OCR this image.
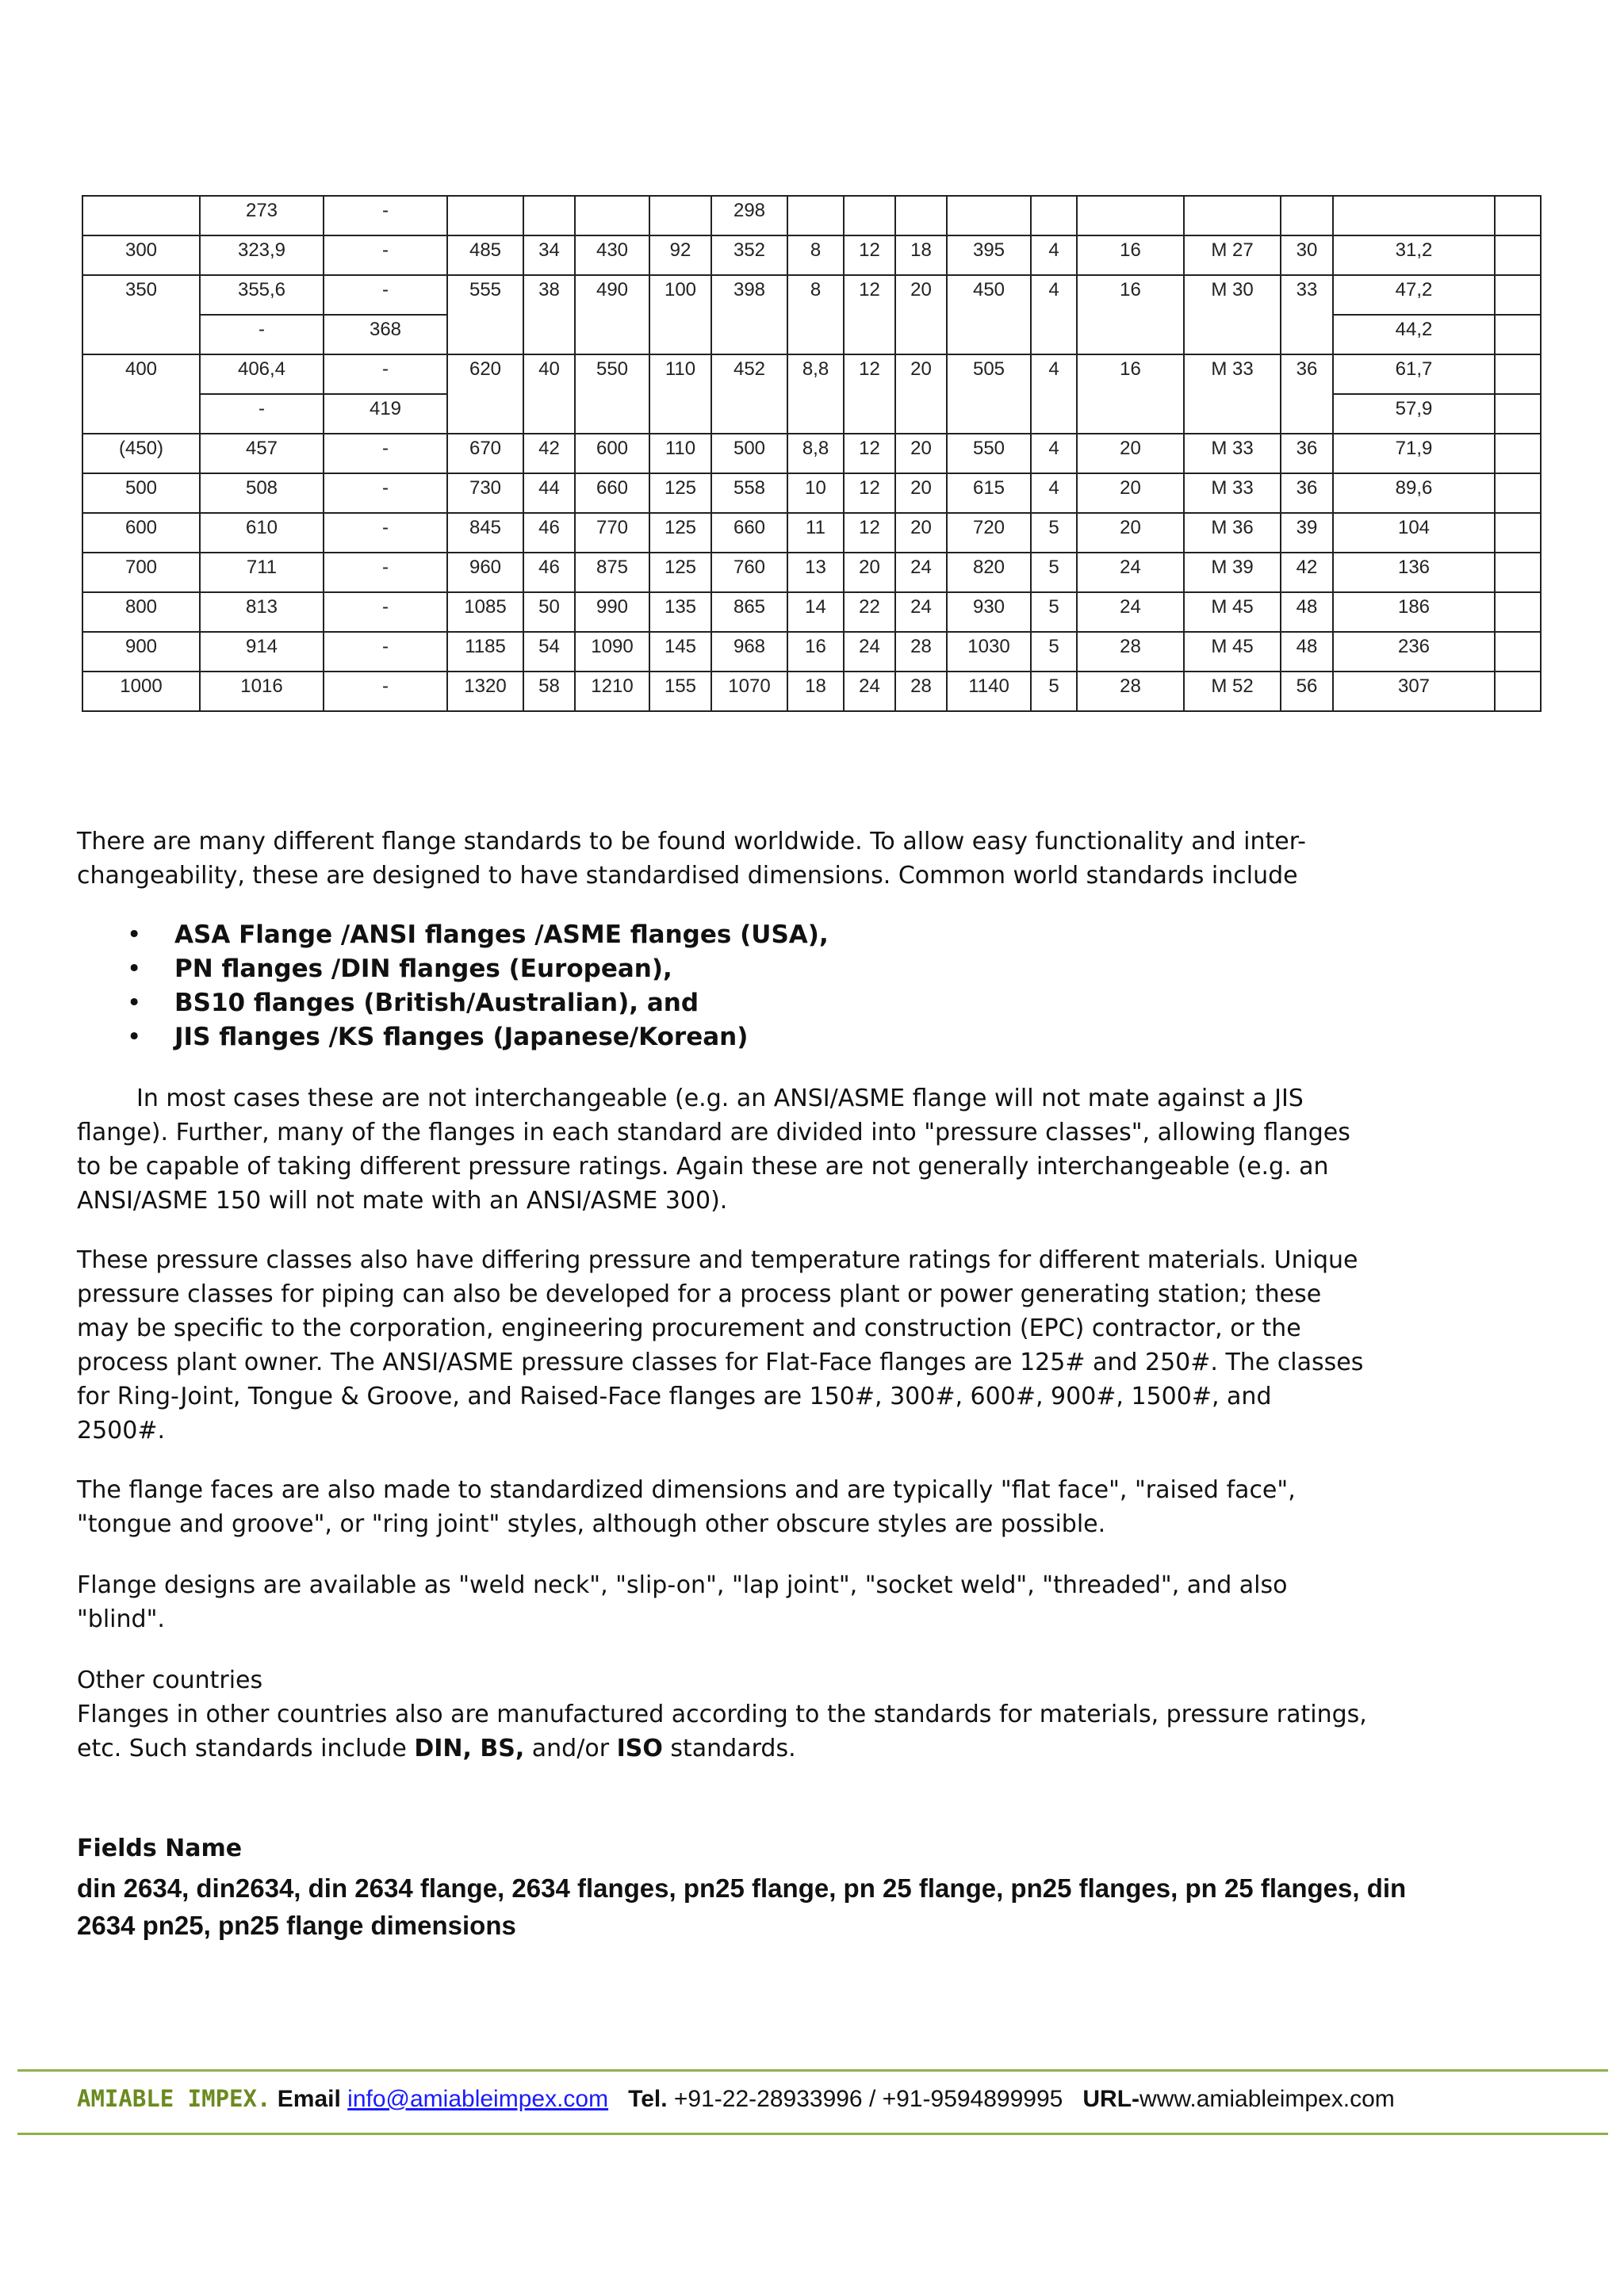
	273	-					298										
300	323,9	-	485	34	430	92	352	8	12	18	395	4	16	M 27	30	31,2	
350	355,6	-	555	38	490	100	398	8	12	20	450	4	16	M 30	33	47,2	
	-	368														44,2	
400	406,4	-	620	40	550	110	452	8,8	12	20	505	4	16	M 33	36	61,7	
	-	419														57,9	
(450)	457	-	670	42	600	110	500	8,8	12	20	550	4	20	M 33	36	71,9	
500	508	-	730	44	660	125	558	10	12	20	615	4	20	M 33	36	89,6	
600	610	-	845	46	770	125	660	11	12	20	720	5	20	M 36	39	104	
700	711	-	960	46	875	125	760	13	20	24	820	5	24	M 39	42	136	
800	813	-	1085	50	990	135	865	14	22	24	930	5	24	M 45	48	186	
900	914	-	1185	54	1090	145	968	16	24	28	1030	5	28	M 45	48	236	
1000	1016	-	1320	58	1210	155	1070	18	24	28	1140	5	28	M 52	56	307	

There are many different flange standards to be found worldwide. To allow easy functionality and inter-

changeability, these are designed to have standardised dimensions. Common world standards include

• ASA Flange /ANSI flanges /ASME flanges (USA),
• PN flanges /DIN flanges (European),
• BS10 flanges (British/Australian), and
• JIS flanges /KS flanges (Japanese/Korean)

In most cases these are not interchangeable (e.g. an ANSI/ASME flange will not mate against a JIS

flange). Further, many of the flanges in each standard are divided into "pressure classes", allowing flanges

to be capable of taking different pressure ratings. Again these are not generally interchangeable (e.g. an

ANSI/ASME 150 will not mate with an ANSI/ASME 300).

These pressure classes also have differing pressure and temperature ratings for different materials. Unique

pressure classes for piping can also be developed for a process plant or power generating station; these

may be specific to the corporation, engineering procurement and construction (EPC) contractor, or the

process plant owner. The ANSI/ASME pressure classes for Flat-Face flanges are 125# and 250#. The classes

for Ring-Joint, Tongue & Groove, and Raised-Face flanges are 150#, 300#, 600#, 900#, 1500#, and

2500#.

The flange faces are also made to standardized dimensions and are typically "flat face", "raised face",

"tongue and groove", or "ring joint" styles, although other obscure styles are possible.

Flange designs are available as "weld neck", "slip-on", "lap joint", "socket weld", "threaded", and also

"blind".

Other countries

Flanges in other countries also are manufactured according to the standards for materials, pressure ratings,

etc. Such standards include DIN, BS, and/or ISO standards.

Fields Name
din 2634, din2634, din 2634 flange, 2634 flanges, pn25 flange, pn 25 flange, pn25 flanges, pn 25 flanges, din 2634 pn25, pn25 flange dimensions
AMIABLE IMPEX. Email info@amiableimpex.com Tel. +91-22-28933996 / +91-9594899995 URL-www.amiableimpex.com
